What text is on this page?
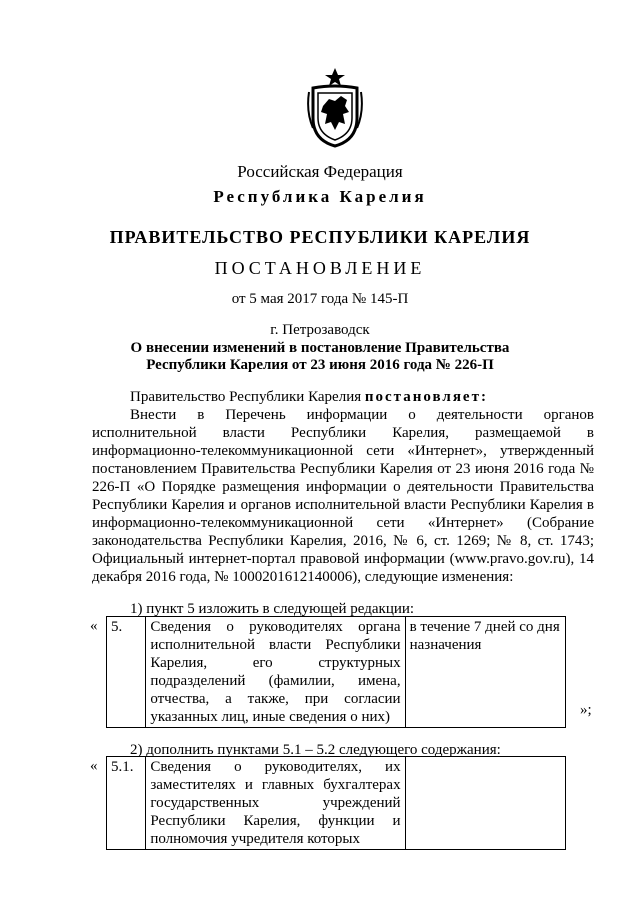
Российская Федерация
Республика Карелия
ПРАВИТЕЛЬСТВО РЕСПУБЛИКИ КАРЕЛИЯ
ПОСТАНОВЛЕНИЕ
от 5 мая 2017 года № 145-П
г. Петрозаводск
О внесении изменений в постановление Правительства
Республики Карелия от 23 июня 2016 года № 226-П
Правительство Республики Карелия постановляет:
Внести в Перечень информации о деятельности органов исполнительной власти Республики Карелия, размещаемой в информационно-телекоммуникационной сети «Интернет», утвержденный постановлением Правительства Республики Карелия от 23 июня 2016 года № 226-П «О Порядке размещения информации о деятельности Правительства Республики Карелия и органов исполнительной власти Республики Карелия в информационно-телекоммуникационной сети «Интернет» (Собрание законодательства Республики Карелия, 2016, № 6, ст. 1269; № 8, ст. 1743; Официальный интернет-портал правовой информации (www.pravo.gov.ru), 14 декабря 2016 года, № 1000201612140006), следующие изменения:
1) пункт 5 изложить в следующей редакции:
« 5.	Сведения о руководителях органа исполнительной власти Республики Карелия, его структурных подразделений (фамилии, имена, отчества, а также, при согласии указанных лиц, иные сведения о них)	в течение 7 дней со дня назначения
»;
2) дополнить пунктами 5.1 – 5.2 следующего содержания:
« 5.1.	Сведения о руководителях, их заместителях и главных бухгалтерах государственных учреждений Республики Карелия, функции и полномочия учредителя которых	
